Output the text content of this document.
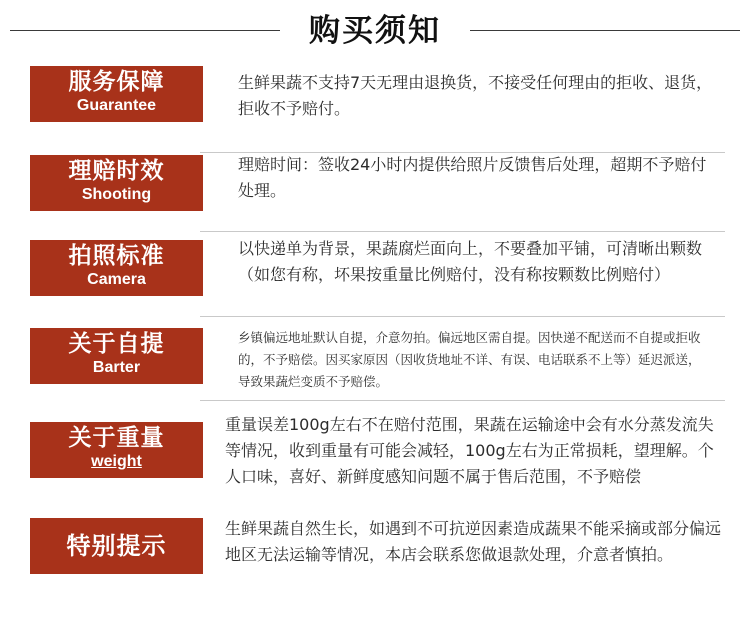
购买须知
服务保障
Guarantee
生鲜果蔬不支持7天无理由退换货，不接受任何理由的拒收、退货，拒收不予赔付。
理赔时效
Shooting
理赔时间：签收24小时内提供给照片反馈售后处理，超期不予赔付处理。
拍照标准
Camera
以快递单为背景，果蔬腐烂面向上，不要叠加平铺，可清晰出颗数（如您有称，坏果按重量比例赔付，没有称按颗数比例赔付）
关于自提
Barter
乡镇偏远地址默认自提，介意勿拍。偏远地区需自提。因快递不配送而不自提或拒收的，不予赔偿。因买家原因（因收货地址不详、有误、电话联系不上等）延迟派送，导致果蔬烂变质不予赔偿。
关于重量
weight
重量误差100g左右不在赔付范围，果蔬在运输途中会有水分蒸发流失等情况，收到重量有可能会减轻，100g左右为正常损耗，望理解。个人口味，喜好、新鲜度感知问题不属于售后范围，不予赔偿
特别提示
生鲜果蔬自然生长，如遇到不可抗逆因素造成蔬果不能采摘或部分偏远地区无法运输等情况，本店会联系您做退款处理，介意者慎拍。
